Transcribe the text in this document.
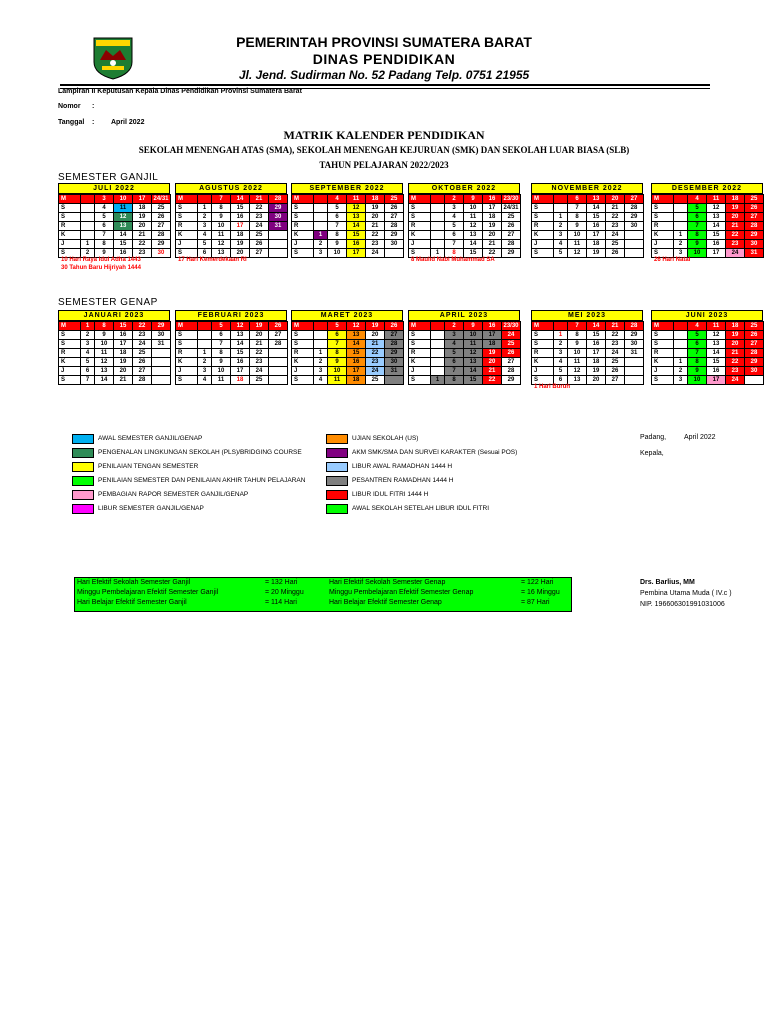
PEMERINTAH PROVINSI SUMATERA BARAT
DINAS PENDIDIKAN
Jl. Jend. Sudirman No. 52 Padang Telp. 0751 21955
Lampiran II Keputusan Kepala Dinas Pendidikan Provinsi Sumatera Barat
Nomor :
Tanggal : April 2022
MATRIK KALENDER PENDIDIKAN
SEKOLAH MENENGAH ATAS (SMA), SEKOLAH MENENGAH KEJURUAN (SMK) DAN SEKOLAH LUAR BIASA (SLB)
TAHUN PELAJARAN 2022/2023
SEMESTER GANJIL
SEMESTER GENAP
JULI 2022
M		3	10	17	24/31
S		4	11	18	25
S		5	12	19	26
R		6	13	20	27
K		7	14	21	28
J	1	8	15	22	29
S	2	9	16	23	30
10 Hari Raya Idul Adha 1443
30 Tahun Baru Hijriyah 1444
AGUSTUS 2022
M		7	14	21	28
S	1	8	15	22	29
S	2	9	16	23	30
R	3	10	17	24	31
K	4	11	18	25	
J	5	12	19	26	
S	6	13	20	27	
17 Hari Kemerdekaan RI
SEPTEMBER 2022
M		4	11	18	25
S		5	12	19	26
S		6	13	20	27
R		7	14	21	28
K	1	8	15	22	29
J	2	9	16	23	30
S	3	10	17	24	
OKTOBER 2022
M		2	9	16	23/30
S		3	10	17	24/31
S		4	11	18	25
R		5	12	19	26
K		6	13	20	27
J		7	14	21	28
S	1	8	15	22	29
8 Maulid Nabi Muhammad SA
NOVEMBER 2022
M		6	13	20	27
S		7	14	21	28
S	1	8	15	22	29
R	2	9	16	23	30
K	3	10	17	24	
J	4	11	18	25	
S	5	12	19	26	
DESEMBER 2022
M		4	11	18	25
S		5	12	19	26
S		6	13	20	27
R		7	14	21	28
K	1	8	15	22	29
J	2	9	16	23	30
S	3	10	17	24	31
26 Hari Natal
JANUARI 2023
M	1	8	15	22	29
S	2	9	16	23	30
S	3	10	17	24	31
R	4	11	18	25	
K	5	12	19	26	
J	6	13	20	27	
S	7	14	21	28	
FEBRUARI 2023
M		5	12	19	26
S		6	13	20	27
S		7	14	21	28
R	1	8	15	22	
K	2	9	16	23	
J	3	10	17	24	
S	4	11	18	25	
MARET 2023
M		5	12	19	26
S		6	13	20	27
S		7	14	21	28
R	1	8	15	22	29
K	2	9	16	23	30
J	3	10	17	24	31
S	4	11	18	25	
APRIL 2023
M		2	9	16	23/30
S		3	10	17	24
S		4	11	18	25
R		5	12	19	26
K		6	13	20	27
J		7	14	21	28
S	1	8	15	22	29
MEI 2023
M		7	14	21	28
S	1	8	15	22	29
S	2	9	16	23	30
R	3	10	17	24	31
K	4	11	18	25	
J	5	12	19	26	
S	6	13	20	27	
1 Hari Buruh
JUNI 2023
M		4	11	18	25
S		5	12	19	26
S		6	13	20	27
R		7	14	21	28
K	1	8	15	22	29
J	2	9	16	23	30
S	3	10	17	24	
AWAL SEMESTER GANJIL/GENAP
PENGENALAN LINGKUNGAN SEKOLAH (PLS)/BRIDGING COURSE
PENILAIAN TENGAN SEMESTER
PENILAIAN SEMESTER DAN PENILAIAN AKHIR TAHUN PELAJARAN
PEMBAGIAN RAPOR SEMESTER GANJIL/GENAP
LIBUR SEMESTER GANJIL/GENAP
UJIAN SEKOLAH (US)
AKM SMK/SMA DAN SURVEI KARAKTER (Sesuai POS)
LIBUR AWAL RAMADHAN 1444 H
PESANTREN RAMADHAN 1444 H
LIBUR IDUL FITRI 1444 H
AWAL SEKOLAH SETELAH LIBUR IDUL FITRI
Padang,	April 2022
Kepala,
Drs. Barlius, MM
Pembina Utama Muda ( IV.c )
NIP. 196606301991031006
Hari Efektif Sekolah Semester Ganjil	= 132 Hari	Hari Efektif Sekolah Semester Genap	= 122 Hari
Minggu Pembelajaran Efektif Semester Ganjil	= 20 Minggu	Minggu Pembelajaran Efektif Semester Genap	= 16 Minggu
Hari Belajar Efektif Semester Ganjil	= 114 Hari	Hari Belajar Efektif Semester Genap	= 87 Hari
